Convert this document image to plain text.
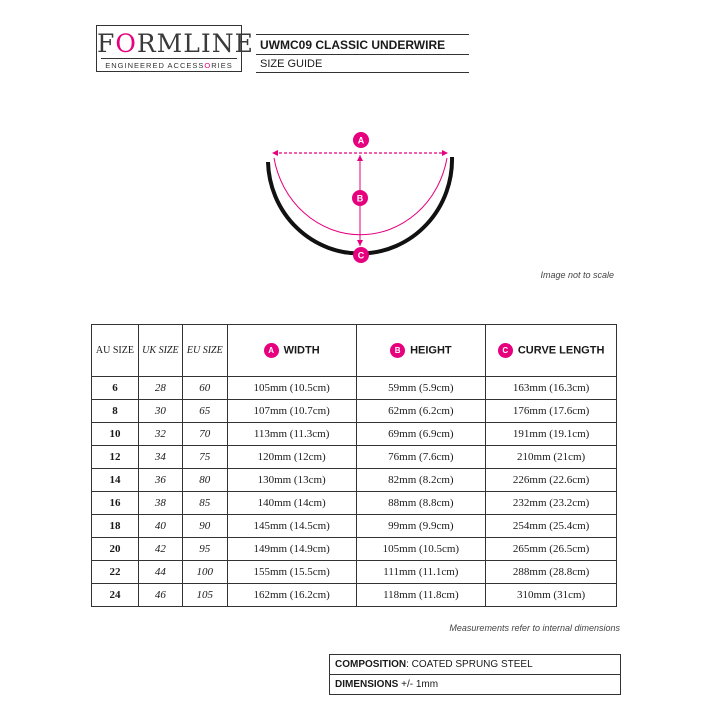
FORMLINE
ENGINEERED ACCESSORIES
UWMC09 CLASSIC UNDERWIRE
SIZE GUIDE
A
B
C
Image not to scale
AU SIZE	UK SIZE	EU SIZE	A WIDTH	B HEIGHT	C CURVE LENGTH
6	28	60	105mm (10.5cm)	59mm (5.9cm)	163mm (16.3cm)
8	30	65	107mm (10.7cm)	62mm (6.2cm)	176mm (17.6cm)
10	32	70	113mm (11.3cm)	69mm (6.9cm)	191mm (19.1cm)
12	34	75	120mm (12cm)	76mm (7.6cm)	210mm (21cm)
14	36	80	130mm (13cm)	82mm (8.2cm)	226mm (22.6cm)
16	38	85	140mm (14cm)	88mm (8.8cm)	232mm (23.2cm)
18	40	90	145mm (14.5cm)	99mm (9.9cm)	254mm (25.4cm)
20	42	95	149mm (14.9cm)	105mm (10.5cm)	265mm (26.5cm)
22	44	100	155mm (15.5cm)	111mm (11.1cm)	288mm (28.8cm)
24	46	105	162mm (16.2cm)	118mm (11.8cm)	310mm (31cm)
Measurements refer to internal dimensions
COMPOSITION: COATED SPRUNG STEEL
DIMENSIONS +/- 1mm
